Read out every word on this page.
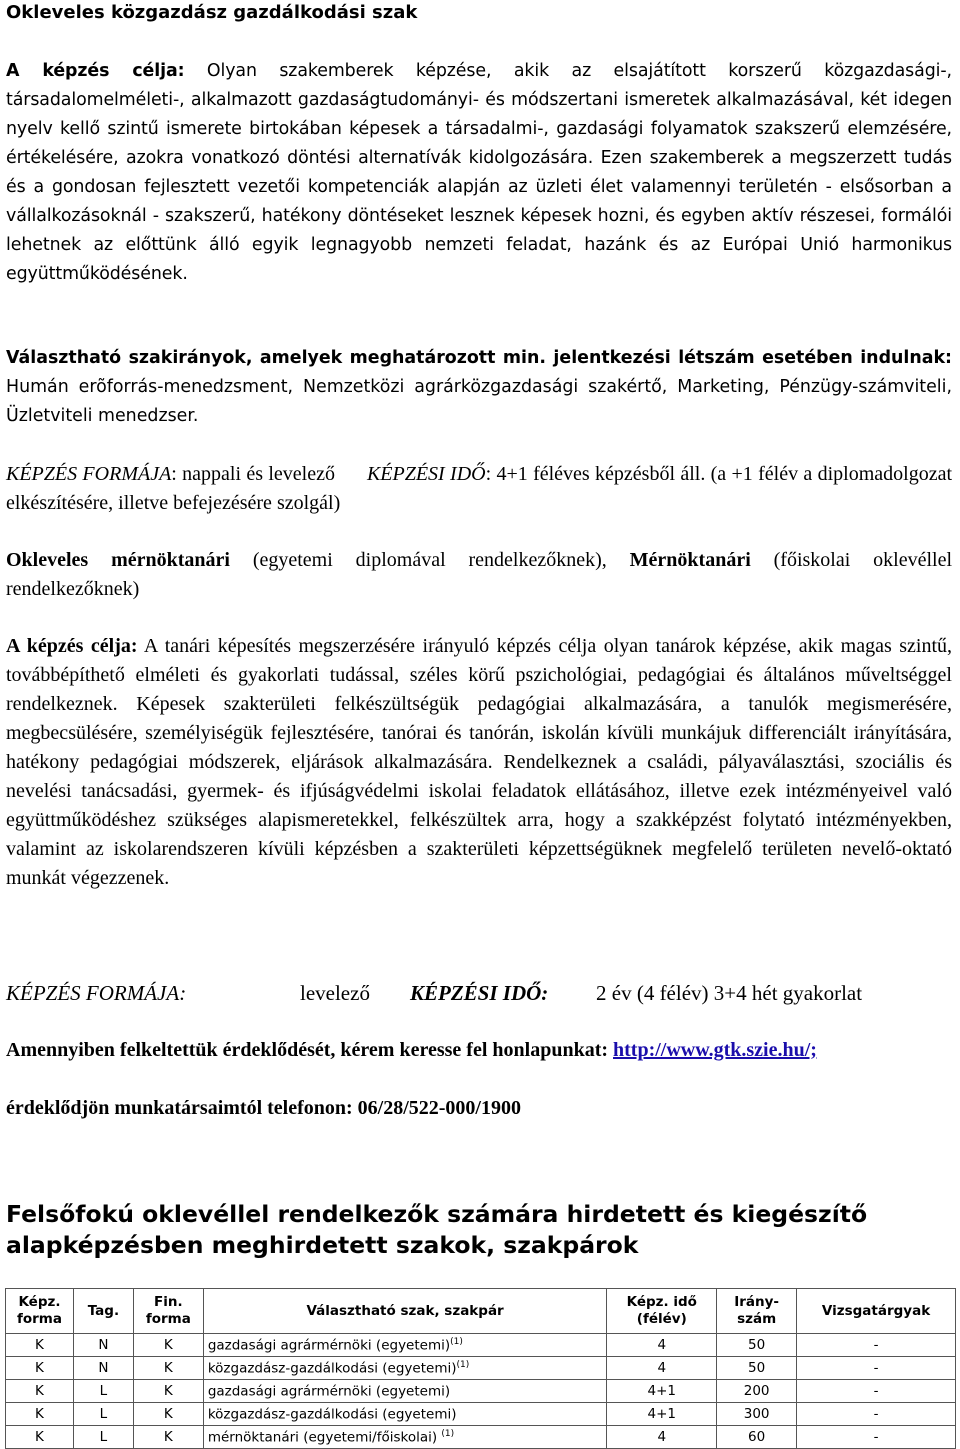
Okleveles közgazdász gazdálkodási szak

A képzés célja: Olyan szakemberek képzése, akik az elsajátított korszerű közgazdasági-, társadalomelméleti-, alkalmazott gazdaságtudományi- és módszertani ismeretek alkalmazásával, két idegen nyelv kellő szintű ismerete birtokában képesek a társadalmi-, gazdasági folyamatok szakszerű elemzésére, értékelésére, azokra vonatkozó döntési alternatívák kidolgozására. Ezen szakemberek a megszerzett tudás és a gondosan fejlesztett vezetői kompetenciák alapján az üzleti élet valamennyi területén - elsősorban a vállalkozásoknál - szakszerű, hatékony döntéseket lesznek képesek hozni, és egyben aktív részesei, formálói lehetnek az előttünk álló egyik legnagyobb nemzeti feladat, hazánk és az Európai Unió harmonikus együttműködésének.

Választható szakirányok, amelyek meghatározott min. jelentkezési létszám esetében indulnak: Humán erõforrás-menedzsment, Nemzetközi agrárközgazdasági szakértő, Marketing, Pénzügy-számviteli, Üzletviteli menedzser.

KÉPZÉS FORMÁJA: nappali és levelező KÉPZÉSI IDŐ: 4+1 féléves képzésből áll. (a +1 félév a diplomadolgozat elkészítésére, illetve befejezésére szolgál)

Okleveles mérnöktanári (egyetemi diplomával rendelkezőknek), Mérnöktanári (főiskolai oklevéllel rendelkezőknek)

A képzés célja: A tanári képesítés megszerzésére irányuló képzés célja olyan tanárok képzése, akik magas szintű, továbbépíthető elméleti és gyakorlati tudással, széles körű pszichológiai, pedagógiai és általános műveltséggel rendelkeznek. Képesek szakterületi felkészültségük pedagógiai alkalmazására, a tanulók megismerésére, megbecsülésére, személyiségük fejlesztésére, tanórai és tanórán, iskolán kívüli munkájuk differenciált irányítására, hatékony pedagógiai módszerek, eljárások alkalmazására. Rendelkeznek a családi, pályaválasztási, szociális és nevelési tanácsadási, gyermek- és ifjúságvédelmi iskolai feladatok ellátásához, illetve ezek intézményeivel való együttműködéshez szükséges alapismeretekkel, felkészültek arra, hogy a szakképzést folytató intézményekben, valamint az iskolarendszeren kívüli képzésben a szakterületi képzettségüknek megfelelő területen nevelő-oktató munkát végezzenek.

KÉPZÉS FORMÁJA:	levelező KÉPZÉSI IDŐ: 2 év (4 félév) 3+4 hét gyakorlat

Amennyiben felkeltettük érdeklődését, kérem keresse fel honlapunkat: http://www.gtk.szie.hu/;

érdeklődjön munkatársaimtól telefonon: 06/28/522-000/1900
Felsőfokú oklevéllel rendelkezők számára hirdetett és kiegészítő alapképzésben meghirdetett szakok, szakpárok
Képz. forma	Tag.	Fin. forma	Választható szak, szakpár	Képz. idő (félév)	Irány-szám	Vizsgatárgyak
K	N	K	gazdasági agrármérnöki (egyetemi)$^{(1)}$	4	50	-
K	N	K	közgazdász-gazdálkodási (egyetemi)$^{(1)}$	4	50	-
K	L	K	gazdasági agrármérnöki (egyetemi)	4+1	200	-
K	L	K	közgazdász-gazdálkodási (egyetemi)	4+1	300	-
K	L	K	mérnöktanári (egyetemi/főiskolai) $^{(1)}$	4	60	-
